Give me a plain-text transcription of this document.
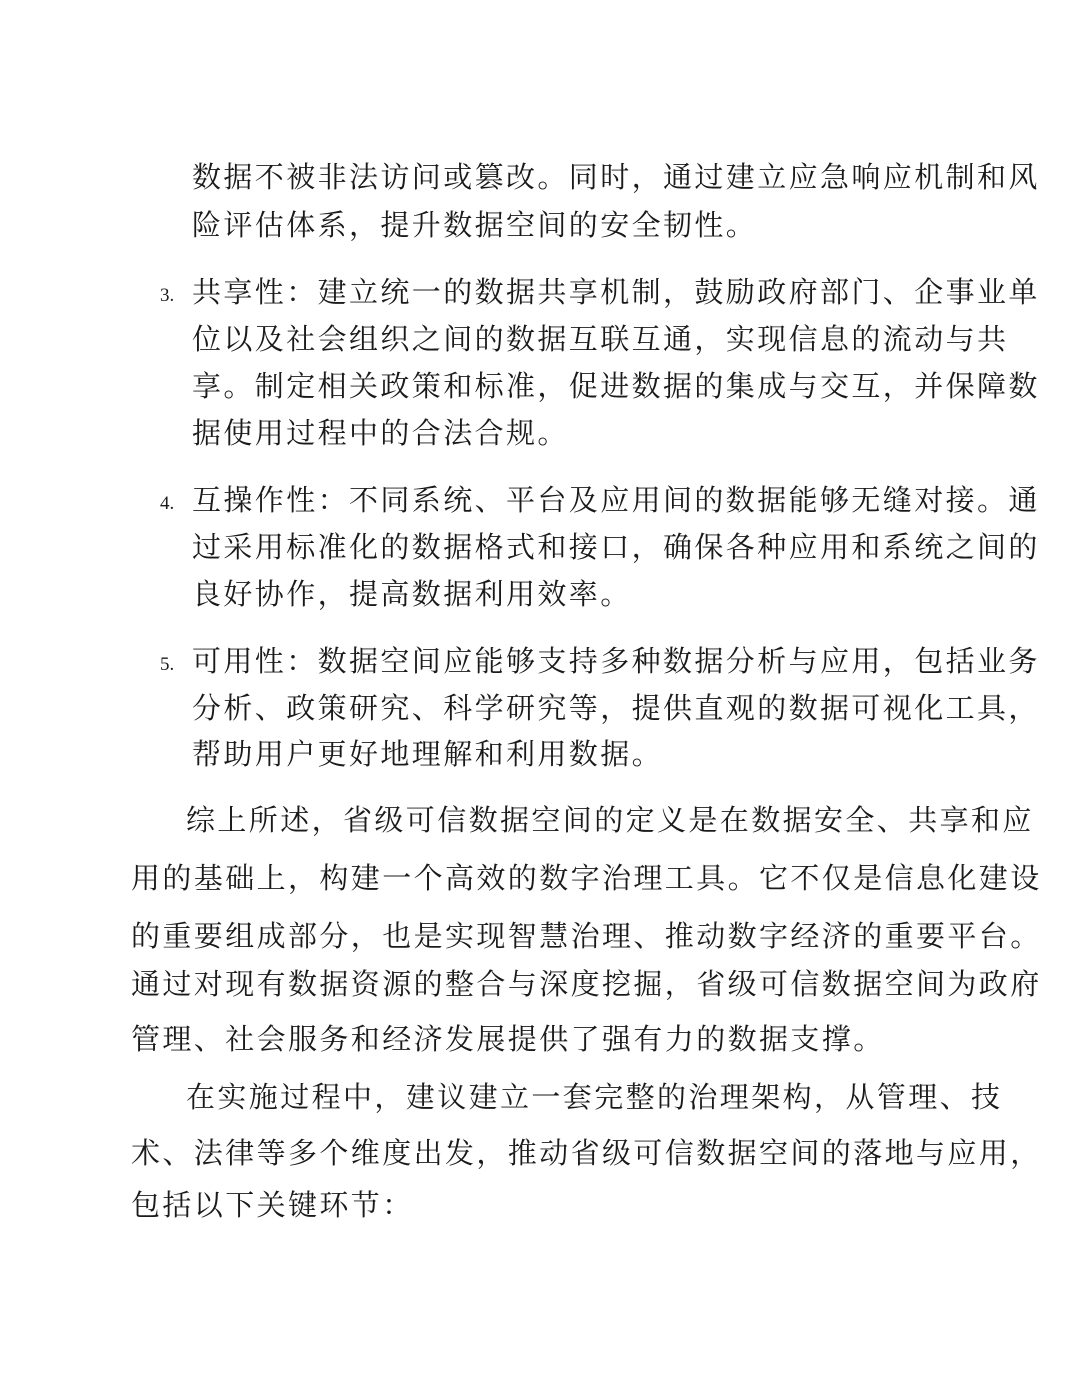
数据不被非法访问或篡改。同时，通过建立应急响应机制和风
险评估体系，提升数据空间的安全韧性。
3. 共享性：建立统一的数据共享机制，鼓励政府部门、企事业单
位以及社会组织之间的数据互联互通，实现信息的流动与共
享。制定相关政策和标准，促进数据的集成与交互，并保障数
据使用过程中的合法合规。
4. 互操作性：不同系统、平台及应用间的数据能够无缝对接。通
过采用标准化的数据格式和接口，确保各种应用和系统之间的
良好协作，提高数据利用效率。
5. 可用性：数据空间应能够支持多种数据分析与应用，包括业务
分析、政策研究、科学研究等，提供直观的数据可视化工具，
帮助用户更好地理解和利用数据。
综上所述，省级可信数据空间的定义是在数据安全、共享和应
用的基础上，构建一个高效的数字治理工具。它不仅是信息化建设
的重要组成部分，也是实现智慧治理、推动数字经济的重要平台。
通过对现有数据资源的整合与深度挖掘，省级可信数据空间为政府
管理、社会服务和经济发展提供了强有力的数据支撑。
在实施过程中，建议建立一套完整的治理架构，从管理、技
术、法律等多个维度出发，推动省级可信数据空间的落地与应用，
包括以下关键环节：
